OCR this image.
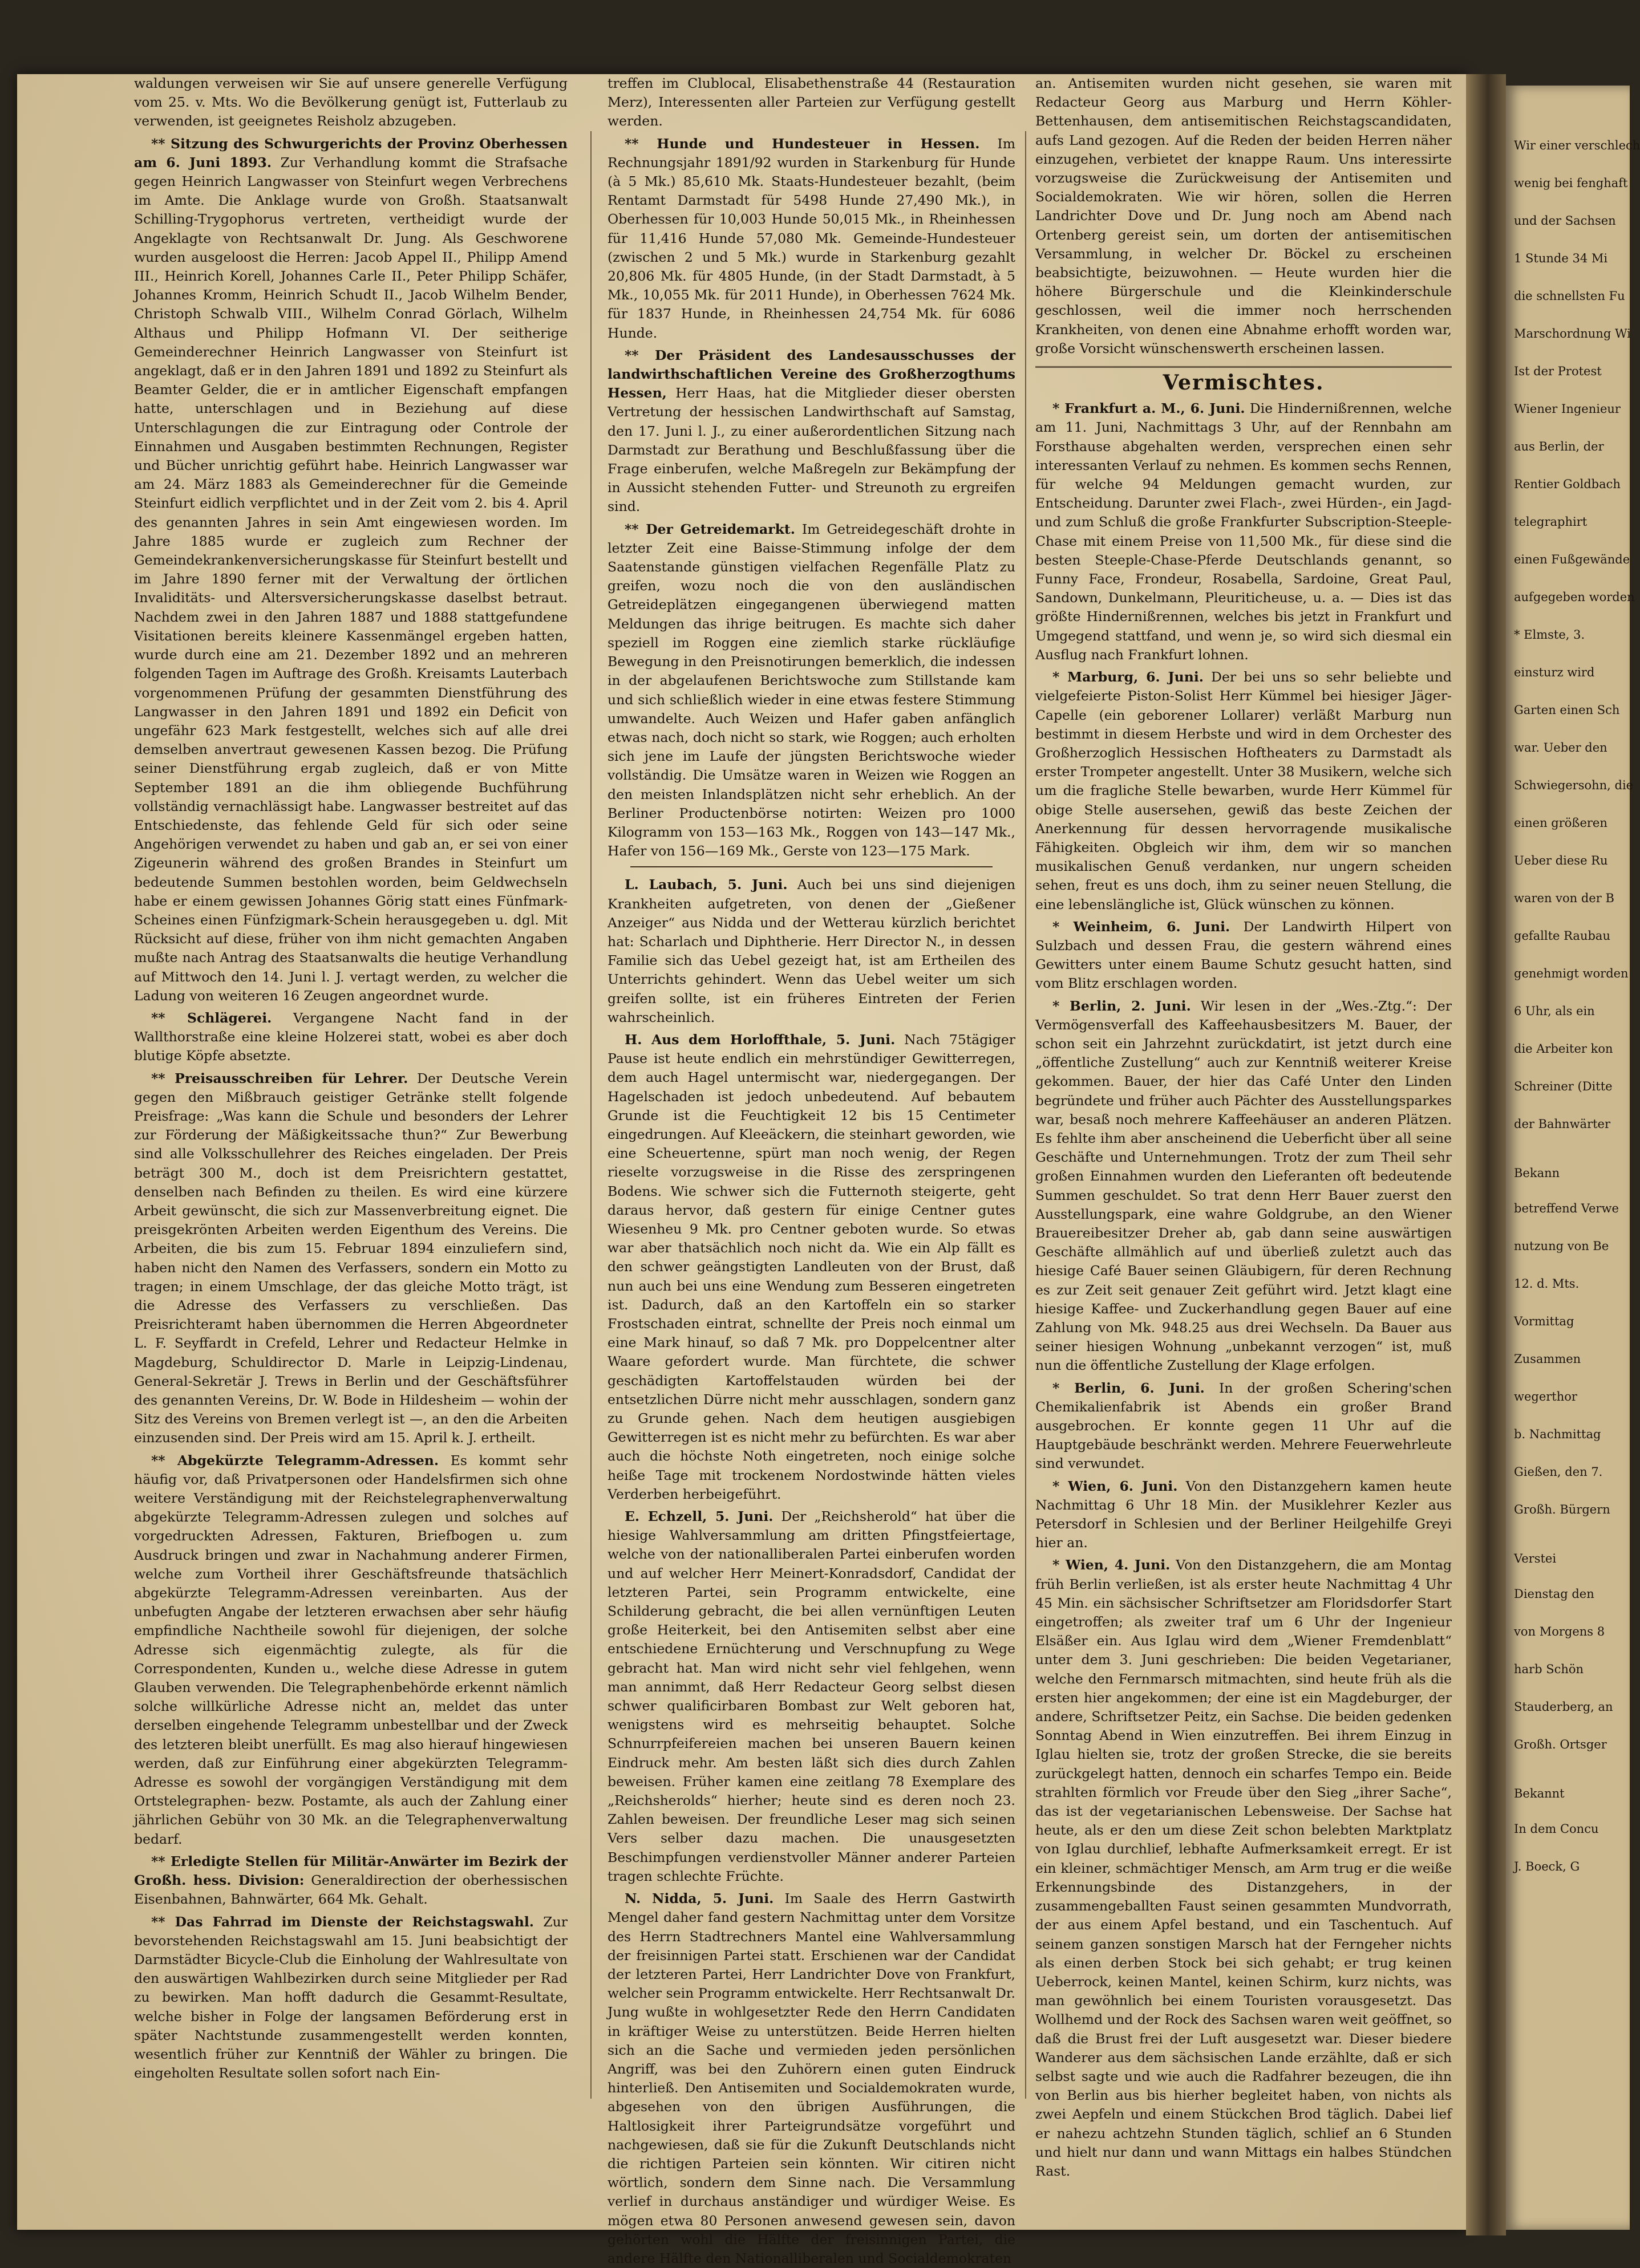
Wir einer verschlech
wenig bei fenghaft
und der Sachsen
1 Stunde 34 Mi
die schnellsten Fu
Marschordnung Wi
Ist der Protest
Wiener Ingenieur
aus Berlin, der
Rentier Goldbach
telegraphirt
einen Fußgewände
aufgegeben worden
* Elmste, 3.
einsturz wird
Garten einen Sch
war. Ueber den
Schwiegersohn, die
einen größeren
Ueber diese Ru
waren von der B
gefallte Raubau
genehmigt worden
6 Uhr, als ein
die Arbeiter kon
Schreiner (Ditte
der Bahnwärter
Bekann
betreffend Verwe
nutzung von Be
12. d. Mts.
Vormittag
Zusammen
wegerthor
b. Nachmittag
Gießen, den 7.
Großh. Bürgern
Verstei
Dienstag den
von Morgens 8
harb Schön
Stauderberg, an
Großh. Ortsger
Bekannt
In dem Concu
J. Boeck, G

waldungen verweisen wir Sie auf unsere generelle Verfügung vom 25. v. Mts. Wo die Bevölkerung genügt ist, Futterlaub zu verwenden, ist geeignetes Reisholz abzugeben.

** Sitzung des Schwurgerichts der Provinz Oberhessen am 6. Juni 1893. Zur Verhandlung kommt die Strafsache gegen Heinrich Langwasser von Steinfurt wegen Verbrechens im Amte. Die Anklage wurde von Großh. Staatsanwalt Schilling-Trygophorus vertreten, vertheidigt wurde der Angeklagte von Rechtsanwalt Dr. Jung. Als Geschworene wurden ausgeloost die Herren: Jacob Appel II., Philipp Amend III., Heinrich Korell, Johannes Carle II., Peter Philipp Schäfer, Johannes Kromm, Heinrich Schudt II., Jacob Wilhelm Bender, Christoph Schwalb VIII., Wilhelm Conrad Görlach, Wilhelm Althaus und Philipp Hofmann VI. Der seitherige Gemeinderechner Heinrich Langwasser von Steinfurt ist angeklagt, daß er in den Jahren 1891 und 1892 zu Steinfurt als Beamter Gelder, die er in amtlicher Eigenschaft empfangen hatte, unterschlagen und in Beziehung auf diese Unterschlagungen die zur Eintragung oder Controle der Einnahmen und Ausgaben bestimmten Rechnungen, Register und Bücher unrichtig geführt habe. Heinrich Langwasser war am 24. März 1883 als Gemeinderechner für die Gemeinde Steinfurt eidlich verpflichtet und in der Zeit vom 2. bis 4. April des genannten Jahres in sein Amt eingewiesen worden. Im Jahre 1885 wurde er zugleich zum Rechner der Gemeindekrankenversicherungskasse für Steinfurt bestellt und im Jahre 1890 ferner mit der Verwaltung der örtlichen Invaliditäts- und Altersversicherungskasse daselbst betraut. Nachdem zwei in den Jahren 1887 und 1888 stattgefundene Visitationen bereits kleinere Kassenmängel ergeben hatten, wurde durch eine am 21. Dezember 1892 und an mehreren folgenden Tagen im Auftrage des Großh. Kreisamts Lauterbach vorgenommenen Prüfung der gesammten Dienstführung des Langwasser in den Jahren 1891 und 1892 ein Deficit von ungefähr 623 Mark festgestellt, welches sich auf alle drei demselben anvertraut gewesenen Kassen bezog. Die Prüfung seiner Dienstführung ergab zugleich, daß er von Mitte September 1891 an die ihm obliegende Buchführung vollständig vernachlässigt habe. Langwasser bestreitet auf das Entschiedenste, das fehlende Geld für sich oder seine Angehörigen verwendet zu haben und gab an, er sei von einer Zigeunerin während des großen Brandes in Steinfurt um bedeutende Summen bestohlen worden, beim Geldwechseln habe er einem gewissen Johannes Görig statt eines Fünfmark-Scheines einen Fünfzigmark-Schein herausgegeben u. dgl. Mit Rücksicht auf diese, früher von ihm nicht gemachten Angaben mußte nach Antrag des Staatsanwalts die heutige Verhandlung auf Mittwoch den 14. Juni l. J. vertagt werden, zu welcher die Ladung von weiteren 16 Zeugen angeordnet wurde.

** Schlägerei. Vergangene Nacht fand in der Wallthorstraße eine kleine Holzerei statt, wobei es aber doch blutige Köpfe absetzte.

** Preisausschreiben für Lehrer. Der Deutsche Verein gegen den Mißbrauch geistiger Getränke stellt folgende Preisfrage: „Was kann die Schule und besonders der Lehrer zur Förderung der Mäßigkeitssache thun?“ Zur Bewerbung sind alle Volksschullehrer des Reiches eingeladen. Der Preis beträgt 300 M., doch ist dem Preisrichtern gestattet, denselben nach Befinden zu theilen. Es wird eine kürzere Arbeit gewünscht, die sich zur Massenverbreitung eignet. Die preisgekrönten Arbeiten werden Eigenthum des Vereins. Die Arbeiten, die bis zum 15. Februar 1894 einzuliefern sind, haben nicht den Namen des Verfassers, sondern ein Motto zu tragen; in einem Umschlage, der das gleiche Motto trägt, ist die Adresse des Verfassers zu verschließen. Das Preisrichteramt haben übernommen die Herren Abgeordneter L. F. Seyffardt in Crefeld, Lehrer und Redacteur Helmke in Magdeburg, Schuldirector D. Marle in Leipzig-Lindenau, General-Sekretär J. Trews in Berlin und der Geschäftsführer des genannten Vereins, Dr. W. Bode in Hildesheim — wohin der Sitz des Vereins von Bremen verlegt ist —, an den die Arbeiten einzusenden sind. Der Preis wird am 15. April k. J. ertheilt.

** Abgekürzte Telegramm-Adressen. Es kommt sehr häufig vor, daß Privatpersonen oder Handelsfirmen sich ohne weitere Verständigung mit der Reichstelegraphenverwaltung abgekürzte Telegramm-Adressen zulegen und solches auf vorgedruckten Adressen, Fakturen, Briefbogen u. zum Ausdruck bringen und zwar in Nachahmung anderer Firmen, welche zum Vortheil ihrer Geschäftsfreunde thatsächlich abgekürzte Telegramm-Adressen vereinbarten. Aus der unbefugten Angabe der letzteren erwachsen aber sehr häufig empfindliche Nachtheile sowohl für diejenigen, der solche Adresse sich eigenmächtig zulegte, als für die Correspondenten, Kunden u., welche diese Adresse in gutem Glauben verwenden. Die Telegraphenbehörde erkennt nämlich solche willkürliche Adresse nicht an, meldet das unter derselben eingehende Telegramm unbestellbar und der Zweck des letzteren bleibt unerfüllt. Es mag also hierauf hingewiesen werden, daß zur Einführung einer abgekürzten Telegramm-Adresse es sowohl der vorgängigen Verständigung mit dem Ortstelegraphen- bezw. Postamte, als auch der Zahlung einer jährlichen Gebühr von 30 Mk. an die Telegraphenverwaltung bedarf.

** Erledigte Stellen für Militär-Anwärter im Bezirk der Großh. hess. Division: Generaldirection der oberhessischen Eisenbahnen, Bahnwärter, 664 Mk. Gehalt.

** Das Fahrrad im Dienste der Reichstagswahl. Zur bevorstehenden Reichstagswahl am 15. Juni beabsichtigt der Darmstädter Bicycle-Club die Einholung der Wahlresultate von den auswärtigen Wahlbezirken durch seine Mitglieder per Rad zu bewirken. Man hofft dadurch die Gesammt-Resultate, welche bisher in Folge der langsamen Beförderung erst in später Nachtstunde zusammengestellt werden konnten, wesentlich früher zur Kenntniß der Wähler zu bringen. Die eingeholten Resultate sollen sofort nach Ein-

treffen im Clublocal, Elisabethenstraße 44 (Restauration Merz), Interessenten aller Parteien zur Verfügung gestellt werden.

** Hunde und Hundesteuer in Hessen. Im Rechnungsjahr 1891/92 wurden in Starkenburg für Hunde (à 5 Mk.) 85,610 Mk. Staats-Hundesteuer bezahlt, (beim Rentamt Darmstadt für 5498 Hunde 27,490 Mk.), in Oberhessen für 10,003 Hunde 50,015 Mk., in Rheinhessen für 11,416 Hunde 57,080 Mk. Gemeinde-Hundesteuer (zwischen 2 und 5 Mk.) wurde in Starkenburg gezahlt 20,806 Mk. für 4805 Hunde, (in der Stadt Darmstadt, à 5 Mk., 10,055 Mk. für 2011 Hunde), in Oberhessen 7624 Mk. für 1837 Hunde, in Rheinhessen 24,754 Mk. für 6086 Hunde.

** Der Präsident des Landesausschusses der landwirthschaftlichen Vereine des Großherzogthums Hessen, Herr Haas, hat die Mitglieder dieser obersten Vertretung der hessischen Landwirthschaft auf Samstag, den 17. Juni l. J., zu einer außerordentlichen Sitzung nach Darmstadt zur Berathung und Beschlußfassung über die Frage einberufen, welche Maßregeln zur Bekämpfung der in Aussicht stehenden Futter- und Streunoth zu ergreifen sind.

** Der Getreidemarkt. Im Getreidegeschäft drohte in letzter Zeit eine Baisse-Stimmung infolge der dem Saatenstande günstigen vielfachen Regenfälle Platz zu greifen, wozu noch die von den ausländischen Getreideplätzen eingegangenen überwiegend matten Meldungen das ihrige beitrugen. Es machte sich daher speziell im Roggen eine ziemlich starke rückläufige Bewegung in den Preisnotirungen bemerklich, die indessen in der abgelaufenen Berichtswoche zum Stillstande kam und sich schließlich wieder in eine etwas festere Stimmung umwandelte. Auch Weizen und Hafer gaben anfänglich etwas nach, doch nicht so stark, wie Roggen; auch erholten sich jene im Laufe der jüngsten Berichtswoche wieder vollständig. Die Umsätze waren in Weizen wie Roggen an den meisten Inlandsplätzen nicht sehr erheblich. An der Berliner Productenbörse notirten: Weizen pro 1000 Kilogramm von 153—163 Mk., Roggen von 143—147 Mk., Hafer von 156—169 Mk., Gerste von 123—175 Mark.

L. Laubach, 5. Juni. Auch bei uns sind diejenigen Krankheiten aufgetreten, von denen der „Gießener Anzeiger“ aus Nidda und der Wetterau kürzlich berichtet hat: Scharlach und Diphtherie. Herr Director N., in dessen Familie sich das Uebel gezeigt hat, ist am Ertheilen des Unterrichts gehindert. Wenn das Uebel weiter um sich greifen sollte, ist ein früheres Eintreten der Ferien wahrscheinlich.

H. Aus dem Horloffthale, 5. Juni. Nach 75tägiger Pause ist heute endlich ein mehrstündiger Gewitterregen, dem auch Hagel untermischt war, niedergegangen. Der Hagelschaden ist jedoch unbedeutend. Auf bebautem Grunde ist die Feuchtigkeit 12 bis 15 Centimeter eingedrungen. Auf Kleeäckern, die steinhart geworden, wie eine Scheuertenne, spürt man noch wenig, der Regen rieselte vorzugsweise in die Risse des zerspringenen Bodens. Wie schwer sich die Futternoth steigerte, geht daraus hervor, daß gestern für einige Centner gutes Wiesenheu 9 Mk. pro Centner geboten wurde. So etwas war aber thatsächlich noch nicht da. Wie ein Alp fällt es den schwer geängstigten Landleuten von der Brust, daß nun auch bei uns eine Wendung zum Besseren eingetreten ist. Dadurch, daß an den Kartoffeln ein so starker Frostschaden eintrat, schnellte der Preis noch einmal um eine Mark hinauf, so daß 7 Mk. pro Doppelcentner alter Waare gefordert wurde. Man fürchtete, die schwer geschädigten Kartoffelstauden würden bei der entsetzlichen Dürre nicht mehr ausschlagen, sondern ganz zu Grunde gehen. Nach dem heutigen ausgiebigen Gewitterregen ist es nicht mehr zu befürchten. Es war aber auch die höchste Noth eingetreten, noch einige solche heiße Tage mit trockenem Nordostwinde hätten vieles Verderben herbeigeführt.

E. Echzell, 5. Juni. Der „Reichsherold“ hat über die hiesige Wahlversammlung am dritten Pfingstfeiertage, welche von der nationalliberalen Partei einberufen worden und auf welcher Herr Meinert-Konradsdorf, Candidat der letzteren Partei, sein Programm entwickelte, eine Schilderung gebracht, die bei allen vernünftigen Leuten große Heiterkeit, bei den Antisemiten selbst aber eine entschiedene Ernüchterung und Verschnupfung zu Wege gebracht hat. Man wird nicht sehr viel fehlgehen, wenn man annimmt, daß Herr Redacteur Georg selbst diesen schwer qualificirbaren Bombast zur Welt geboren hat, wenigstens wird es mehrseitig behauptet. Solche Schnurrpfeifereien machen bei unseren Bauern keinen Eindruck mehr. Am besten läßt sich dies durch Zahlen beweisen. Früher kamen eine zeitlang 78 Exemplare des „Reichsherolds“ hierher; heute sind es deren noch 23. Zahlen beweisen. Der freundliche Leser mag sich seinen Vers selber dazu machen. Die unausgesetzten Beschimpfungen verdienstvoller Männer anderer Parteien tragen schlechte Früchte.

N. Nidda, 5. Juni. Im Saale des Herrn Gastwirth Mengel daher fand gestern Nachmittag unter dem Vorsitze des Herrn Stadtrechners Mantel eine Wahlversammlung der freisinnigen Partei statt. Erschienen war der Candidat der letzteren Partei, Herr Landrichter Dove von Frankfurt, welcher sein Programm entwickelte. Herr Rechtsanwalt Dr. Jung wußte in wohlgesetzter Rede den Herrn Candidaten in kräftiger Weise zu unterstützen. Beide Herren hielten sich an die Sache und vermieden jeden persönlichen Angriff, was bei den Zuhörern einen guten Eindruck hinterließ. Den Antisemiten und Socialdemokraten wurde, abgesehen von den übrigen Ausführungen, die Haltlosigkeit ihrer Parteigrundsätze vorgeführt und nachgewiesen, daß sie für die Zukunft Deutschlands nicht die richtigen Parteien sein könnten. Wir citiren nicht wörtlich, sondern dem Sinne nach. Die Versammlung verlief in durchaus anständiger und würdiger Weise. Es mögen etwa 80 Personen anwesend gewesen sein, davon gehörten wohl die Hälfte der freisinnigen Partei, die andere Hälfte den Nationalliberalen und Socialdemokraten

an. Antisemiten wurden nicht gesehen, sie waren mit Redacteur Georg aus Marburg und Herrn Köhler-Bettenhausen, dem antisemitischen Reichstagscandidaten, aufs Land gezogen. Auf die Reden der beiden Herren näher einzugehen, verbietet der knappe Raum. Uns interessirte vorzugsweise die Zurückweisung der Antisemiten und Socialdemokraten. Wie wir hören, sollen die Herren Landrichter Dove und Dr. Jung noch am Abend nach Ortenberg gereist sein, um dorten der antisemitischen Versammlung, in welcher Dr. Böckel zu erscheinen beabsichtigte, beizuwohnen. — Heute wurden hier die höhere Bürgerschule und die Kleinkinderschule geschlossen, weil die immer noch herrschenden Krankheiten, von denen eine Abnahme erhofft worden war, große Vorsicht wünschenswerth erscheinen lassen.

Vermischtes.

* Frankfurt a. M., 6. Juni. Die Hindernißrennen, welche am 11. Juni, Nachmittags 3 Uhr, auf der Rennbahn am Forsthause abgehalten werden, versprechen einen sehr interessanten Verlauf zu nehmen. Es kommen sechs Rennen, für welche 94 Meldungen gemacht wurden, zur Entscheidung. Darunter zwei Flach-, zwei Hürden-, ein Jagd- und zum Schluß die große Frankfurter Subscription-Steeple-Chase mit einem Preise von 11,500 Mk., für diese sind die besten Steeple-Chase-Pferde Deutschlands genannt, so Funny Face, Frondeur, Rosabella, Sardoine, Great Paul, Sandown, Dunkelmann, Pleuriticheuse, u. a. — Dies ist das größte Hindernißrennen, welches bis jetzt in Frankfurt und Umgegend stattfand, und wenn je, so wird sich diesmal ein Ausflug nach Frankfurt lohnen.

* Marburg, 6. Juni. Der bei uns so sehr beliebte und vielgefeierte Piston-Solist Herr Kümmel bei hiesiger Jäger-Capelle (ein geborener Lollarer) verläßt Marburg nun bestimmt in diesem Herbste und wird in dem Orchester des Großherzoglich Hessischen Hoftheaters zu Darmstadt als erster Trompeter angestellt. Unter 38 Musikern, welche sich um die fragliche Stelle bewarben, wurde Herr Kümmel für obige Stelle ausersehen, gewiß das beste Zeichen der Anerkennung für dessen hervorragende musikalische Fähigkeiten. Obgleich wir ihm, dem wir so manchen musikalischen Genuß verdanken, nur ungern scheiden sehen, freut es uns doch, ihm zu seiner neuen Stellung, die eine lebenslängliche ist, Glück wünschen zu können.

* Weinheim, 6. Juni. Der Landwirth Hilpert von Sulzbach und dessen Frau, die gestern während eines Gewitters unter einem Baume Schutz gesucht hatten, sind vom Blitz erschlagen worden.

* Berlin, 2. Juni. Wir lesen in der „Wes.-Ztg.“: Der Vermögensverfall des Kaffeehausbesitzers M. Bauer, der schon seit ein Jahrzehnt zurückdatirt, ist jetzt durch eine „öffentliche Zustellung“ auch zur Kenntniß weiterer Kreise gekommen. Bauer, der hier das Café Unter den Linden begründete und früher auch Pächter des Ausstellungsparkes war, besaß noch mehrere Kaffeehäuser an anderen Plätzen. Es fehlte ihm aber anscheinend die Ueberficht über all seine Geschäfte und Unternehmungen. Trotz der zum Theil sehr großen Einnahmen wurden den Lieferanten oft bedeutende Summen geschuldet. So trat denn Herr Bauer zuerst den Ausstellungspark, eine wahre Goldgrube, an den Wiener Brauereibesitzer Dreher ab, gab dann seine auswärtigen Geschäfte allmählich auf und überließ zuletzt auch das hiesige Café Bauer seinen Gläubigern, für deren Rechnung es zur Zeit seit genauer Zeit geführt wird. Jetzt klagt eine hiesige Kaffee- und Zuckerhandlung gegen Bauer auf eine Zahlung von Mk. 948.25 aus drei Wechseln. Da Bauer aus seiner hiesigen Wohnung „unbekannt verzogen“ ist, muß nun die öffentliche Zustellung der Klage erfolgen.

* Berlin, 6. Juni. In der großen Schering'schen Chemikalienfabrik ist Abends ein großer Brand ausgebrochen. Er konnte gegen 11 Uhr auf die Hauptgebäude beschränkt werden. Mehrere Feuerwehrleute sind verwundet.

* Wien, 6. Juni. Von den Distanzgehern kamen heute Nachmittag 6 Uhr 18 Min. der Musiklehrer Kezler aus Petersdorf in Schlesien und der Berliner Heilgehilfe Greyi hier an.

* Wien, 4. Juni. Von den Distanzgehern, die am Montag früh Berlin verließen, ist als erster heute Nachmittag 4 Uhr 45 Min. ein sächsischer Schriftsetzer am Floridsdorfer Start eingetroffen; als zweiter traf um 6 Uhr der Ingenieur Elsäßer ein. Aus Iglau wird dem „Wiener Fremdenblatt“ unter dem 3. Juni geschrieben: Die beiden Vegetarianer, welche den Fernmarsch mitmachten, sind heute früh als die ersten hier angekommen; der eine ist ein Magdeburger, der andere, Schriftsetzer Peitz, ein Sachse. Die beiden gedenken Sonntag Abend in Wien einzutreffen. Bei ihrem Einzug in Iglau hielten sie, trotz der großen Strecke, die sie bereits zurückgelegt hatten, dennoch ein scharfes Tempo ein. Beide strahlten förmlich vor Freude über den Sieg „ihrer Sache“, das ist der vegetarianischen Lebensweise. Der Sachse hat heute, als er den um diese Zeit schon belebten Marktplatz von Iglau durchlief, lebhafte Aufmerksamkeit erregt. Er ist ein kleiner, schmächtiger Mensch, am Arm trug er die weiße Erkennungsbinde des Distanzgehers, in der zusammengeballten Faust seinen gesammten Mundvorrath, der aus einem Apfel bestand, und ein Taschentuch. Auf seinem ganzen sonstigen Marsch hat der Ferngeher nichts als einen derben Stock bei sich gehabt; er trug keinen Ueberrock, keinen Mantel, keinen Schirm, kurz nichts, was man gewöhnlich bei einem Touristen vorausgesetzt. Das Wollhemd und der Rock des Sachsen waren weit geöffnet, so daß die Brust frei der Luft ausgesetzt war. Dieser biedere Wanderer aus dem sächsischen Lande erzählte, daß er sich selbst sagte und wie auch die Radfahrer bezeugen, die ihn von Berlin aus bis hierher begleitet haben, von nichts als zwei Aepfeln und einem Stückchen Brod täglich. Dabei lief er nahezu achtzehn Stunden täglich, schlief an 6 Stunden und hielt nur dann und wann Mittags ein halbes Stündchen Rast.
